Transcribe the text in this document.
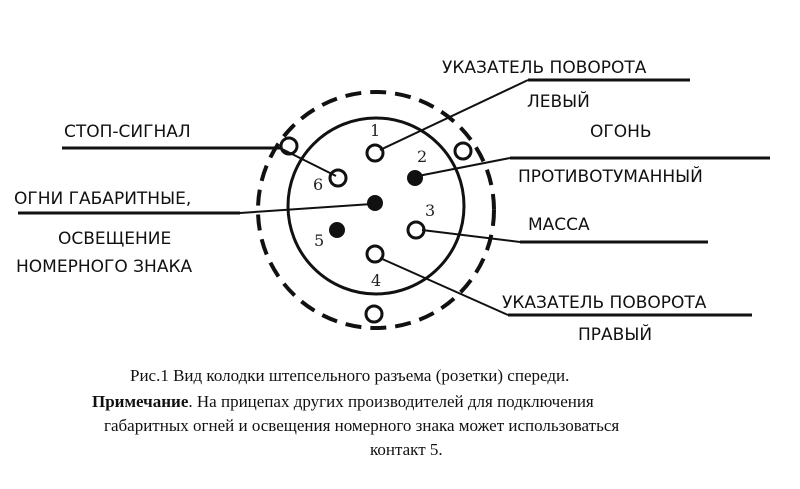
1
2
3
4
5
6
УКАЗАТЕЛЬ ПОВОРОТА
ЛЕВЫЙ
ОГОНЬ
ПРОТИВОТУМАННЫЙ
МАССА
УКАЗАТЕЛЬ ПОВОРОТА
ПРАВЫЙ
СТОП-СИГНАЛ
ОГНИ ГАБАРИТНЫЕ,
ОСВЕЩЕНИЕ
НОМЕРНОГО ЗНАКА
Рис.1 Вид колодки штепсельного разъема (розетки) спереди.
Примечание. На прицепах других производителей для подключения
габаритных огней и освещения номерного знака может использоваться
контакт 5.
